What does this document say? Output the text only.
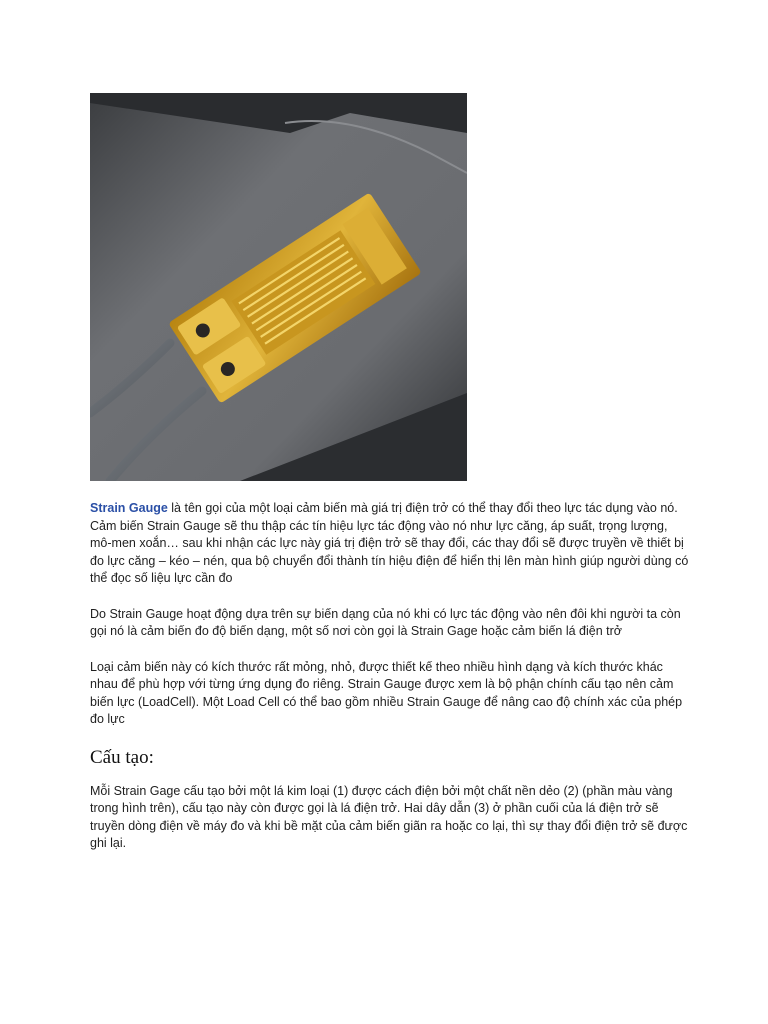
Strain Gauge là tên gọi của một loại cảm biến mà giá trị điện trở có thể thay đổi theo lực tác dụng vào nó. Cảm biến Strain Gauge sẽ thu thập các tín hiệu lực tác động vào nó như lực căng, áp suất, trọng lượng, mô-men xoắn… sau khi nhận các lực này giá trị điện trở sẽ thay đổi, các thay đổi sẽ được truyền về thiết bị đo lực căng – kéo – nén, qua bộ chuyển đổi thành tín hiệu điện để hiển thị lên màn hình giúp người dùng có thể đọc số liệu lực cần đo

Do Strain Gauge hoạt động dựa trên sự biến dạng của nó khi có lực tác động vào nên đôi khi người ta còn gọi nó là cảm biến đo độ biến dạng, một số nơi còn gọi là Strain Gage hoặc cảm biến lá điện trở

Loại cảm biến này có kích thước rất mỏng, nhỏ, được thiết kế theo nhiều hình dạng và kích thước khác nhau để phù hợp với từng ứng dụng đo riêng. Strain Gauge được xem là bộ phận chính cấu tạo nên cảm biến lực (LoadCell). Một Load Cell có thể bao gồm nhiều Strain Gauge để nâng cao độ chính xác của phép đo lực

Cấu tạo:

Mỗi Strain Gage cấu tạo bởi một lá kim loại (1) được cách điện bởi một chất nền dẻo (2) (phần màu vàng trong hình trên), cấu tạo này còn được gọi là lá điện trở. Hai dây dẫn (3) ở phần cuối của lá điện trở sẽ truyền dòng điện về máy đo và khi bề mặt của cảm biến giãn ra hoặc co lại, thì sự thay đổi điện trở sẽ được ghi lại.
